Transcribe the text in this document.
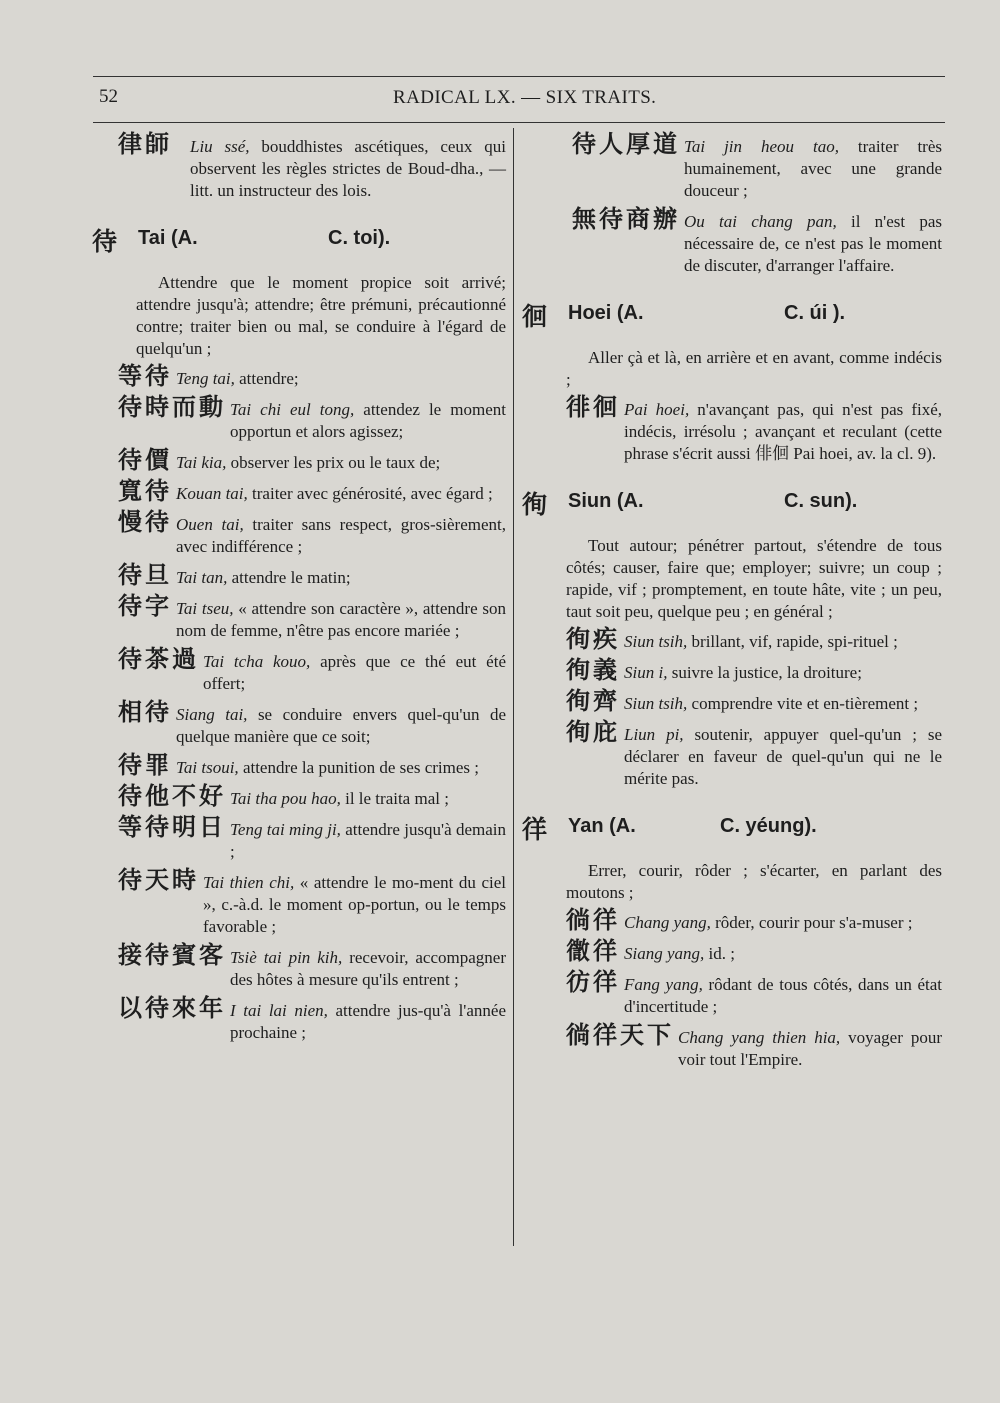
52	RADICAL LX. — SIX TRAITS.
律師	Liu ssé, bouddhistes ascétiques, ceux qui observent les règles strictes de Boud-dha., — litt. un instructeur des lois.
待 Tai (A.	C. toi).
Attendre que le moment propice soit arrivé; attendre jusqu'à; attendre; être prémuni, précautionné contre; traiter bien ou mal, se conduire à l'égard de quelqu'un ;
等待 Teng tai, attendre;
待時而動 Tai chi eul tong, attendez le moment opportun et alors agissez;
待價 Tai kia, observer les prix ou le taux de;
寬待 Kouan tai, traiter avec générosité, avec égard ;
慢待 Ouen tai, traiter sans respect, gros-sièrement, avec indifférence ;
待旦 Tai tan, attendre le matin;
待字 Tai tseu, « attendre son caractère », attendre son nom de femme, n'être pas encore mariée ;
待茶過 Tai tcha kouo, après que ce thé eut été offert;
相待 Siang tai, se conduire envers quel-qu'un de quelque manière que ce soit;
待罪 Tai tsoui, attendre la punition de ses crimes ;
待他不好 Tai tha pou hao, il le traita mal ;
等待明日 Teng tai ming ji, attendre jusqu'à demain ;
待天時 Tai thien chi, « attendre le mo-ment du ciel », c.-à.d. le moment op-portun, ou le temps favorable ;
接待賓客 Tsiè tai pin kih, recevoir, accompagner des hôtes à mesure qu'ils entrent ;
以待來年 I tai lai nien, attendre jus-qu'à l'année prochaine ;
待人厚道 Tai jin heou tao, traiter très humainement, avec une grande douceur ;
無待商辦 Ou tai chang pan, il n'est pas nécessaire de, ce n'est pas le moment de discuter, d'arranger l'affaire.
徊 Hoei (A.	C. úi ).
Aller çà et là, en arrière et en avant, comme indécis ;
徘徊 Pai hoei, n'avançant pas, qui n'est pas fixé, indécis, irrésolu ; avançant et reculant (cette phrase s'écrit aussi 俳佪 Pai hoei, av. la cl. 9).
徇 Siun (A.	C. sun).
Tout autour; pénétrer partout, s'étendre de tous côtés; causer, faire que; employer; suivre; un coup ; rapide, vif ; promptement, en toute hâte, vite ; un peu, taut soit peu, quelque peu ; en général ;
徇疾 Siun tsih, brillant, vif, rapide, spi-rituel ;
徇義 Siun i, suivre la justice, la droiture;
徇齊 Siun tsih, comprendre vite et en-tièrement ;
徇庇 Liun pi, soutenir, appuyer quel-qu'un ; se déclarer en faveur de quel-qu'un qui ne le mérite pas.
徉 Yan (A.	C. yéung).
Errer, courir, rôder ; s'écarter, en parlant des moutons ;
徜徉 Chang yang, rôder, courir pour s'a-muser ;
徾徉 Siang yang, id. ;
彷徉 Fang yang, rôdant de tous côtés, dans un état d'incertitude ;
徜徉天下 Chang yang thien hia, voyager pour voir tout l'Empire.
